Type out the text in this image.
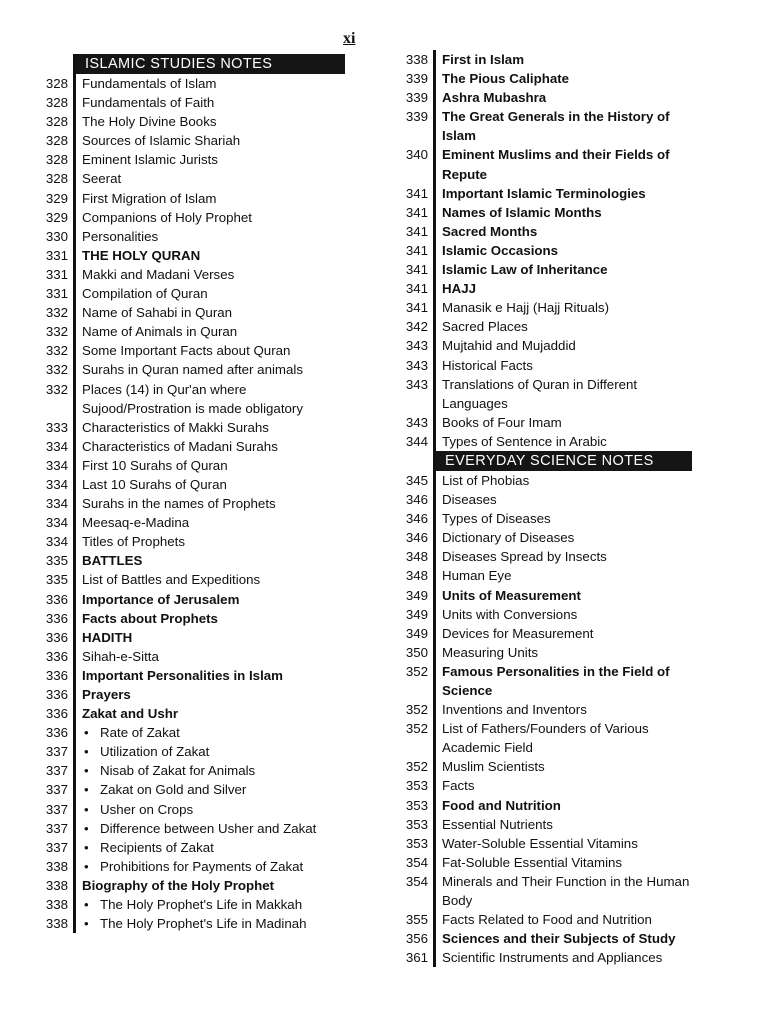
xi
ISLAMIC STUDIES NOTES
328	Fundamentals of Islam
328	Fundamentals of Faith
328	The Holy Divine Books
328	Sources of Islamic Shariah
328	Eminent Islamic Jurists
328	Seerat
329	First Migration of Islam
329	Companions of Holy Prophet
330	Personalities
331	THE HOLY QURAN
331	Makki and Madani Verses
331	Compilation of Quran
332	Name of Sahabi in Quran
332	Name of Animals in Quran
332	Some Important Facts about Quran
332	Surahs in Quran named after animals
332	Places (14) in Qur'an where Sujood/Prostration is made obligatory
333	Characteristics of Makki Surahs
334	Characteristics of Madani Surahs
334	First 10 Surahs of Quran
334	Last 10 Surahs of Quran
334	Surahs in the names of Prophets
334	Meesaq-e-Madina
334	Titles of Prophets
335	BATTLES
335	List of Battles and Expeditions
336	Importance of Jerusalem
336	Facts about Prophets
336	HADITH
336	Sihah-e-Sitta
336	Important Personalities in Islam
336	Prayers
336	Zakat and Ushr
336	• Rate of Zakat
337	• Utilization of Zakat
337	• Nisab of Zakat for Animals
337	• Zakat on Gold and Silver
337	• Usher on Crops
337	• Difference between Usher and Zakat
337	• Recipients of Zakat
338	• Prohibitions for Payments of Zakat
338	Biography of the Holy Prophet
338	• The Holy Prophet's Life in Makkah
338	• The Holy Prophet's Life in Madinah
338	First in Islam
339	The Pious Caliphate
339	Ashra Mubashra
339	The Great Generals in the History of Islam
340	Eminent Muslims and their Fields of Repute
341	Important Islamic Terminologies
341	Names of Islamic Months
341	Sacred Months
341	Islamic Occasions
341	Islamic Law of Inheritance
341	HAJJ
341	Manasik e Hajj (Hajj Rituals)
342	Sacred Places
343	Mujtahid and Mujaddid
343	Historical Facts
343	Translations of Quran in Different Languages
343	Books of Four Imam
344	Types of Sentence in Arabic
EVERYDAY SCIENCE NOTES
345	List of Phobias
346	Diseases
346	Types of Diseases
346	Dictionary of Diseases
348	Diseases Spread by Insects
348	Human Eye
349	Units of Measurement
349	Units with Conversions
349	Devices for Measurement
350	Measuring Units
352	Famous Personalities in the Field of Science
352	Inventions and Inventors
352	List of Fathers/Founders of Various Academic Field
352	Muslim Scientists
353	Facts
353	Food and Nutrition
353	Essential Nutrients
353	Water-Soluble Essential Vitamins
354	Fat-Soluble Essential Vitamins
354	Minerals and Their Function in the Human Body
355	Facts Related to Food and Nutrition
356	Sciences and their Subjects of Study
361	Scientific Instruments and Appliances
